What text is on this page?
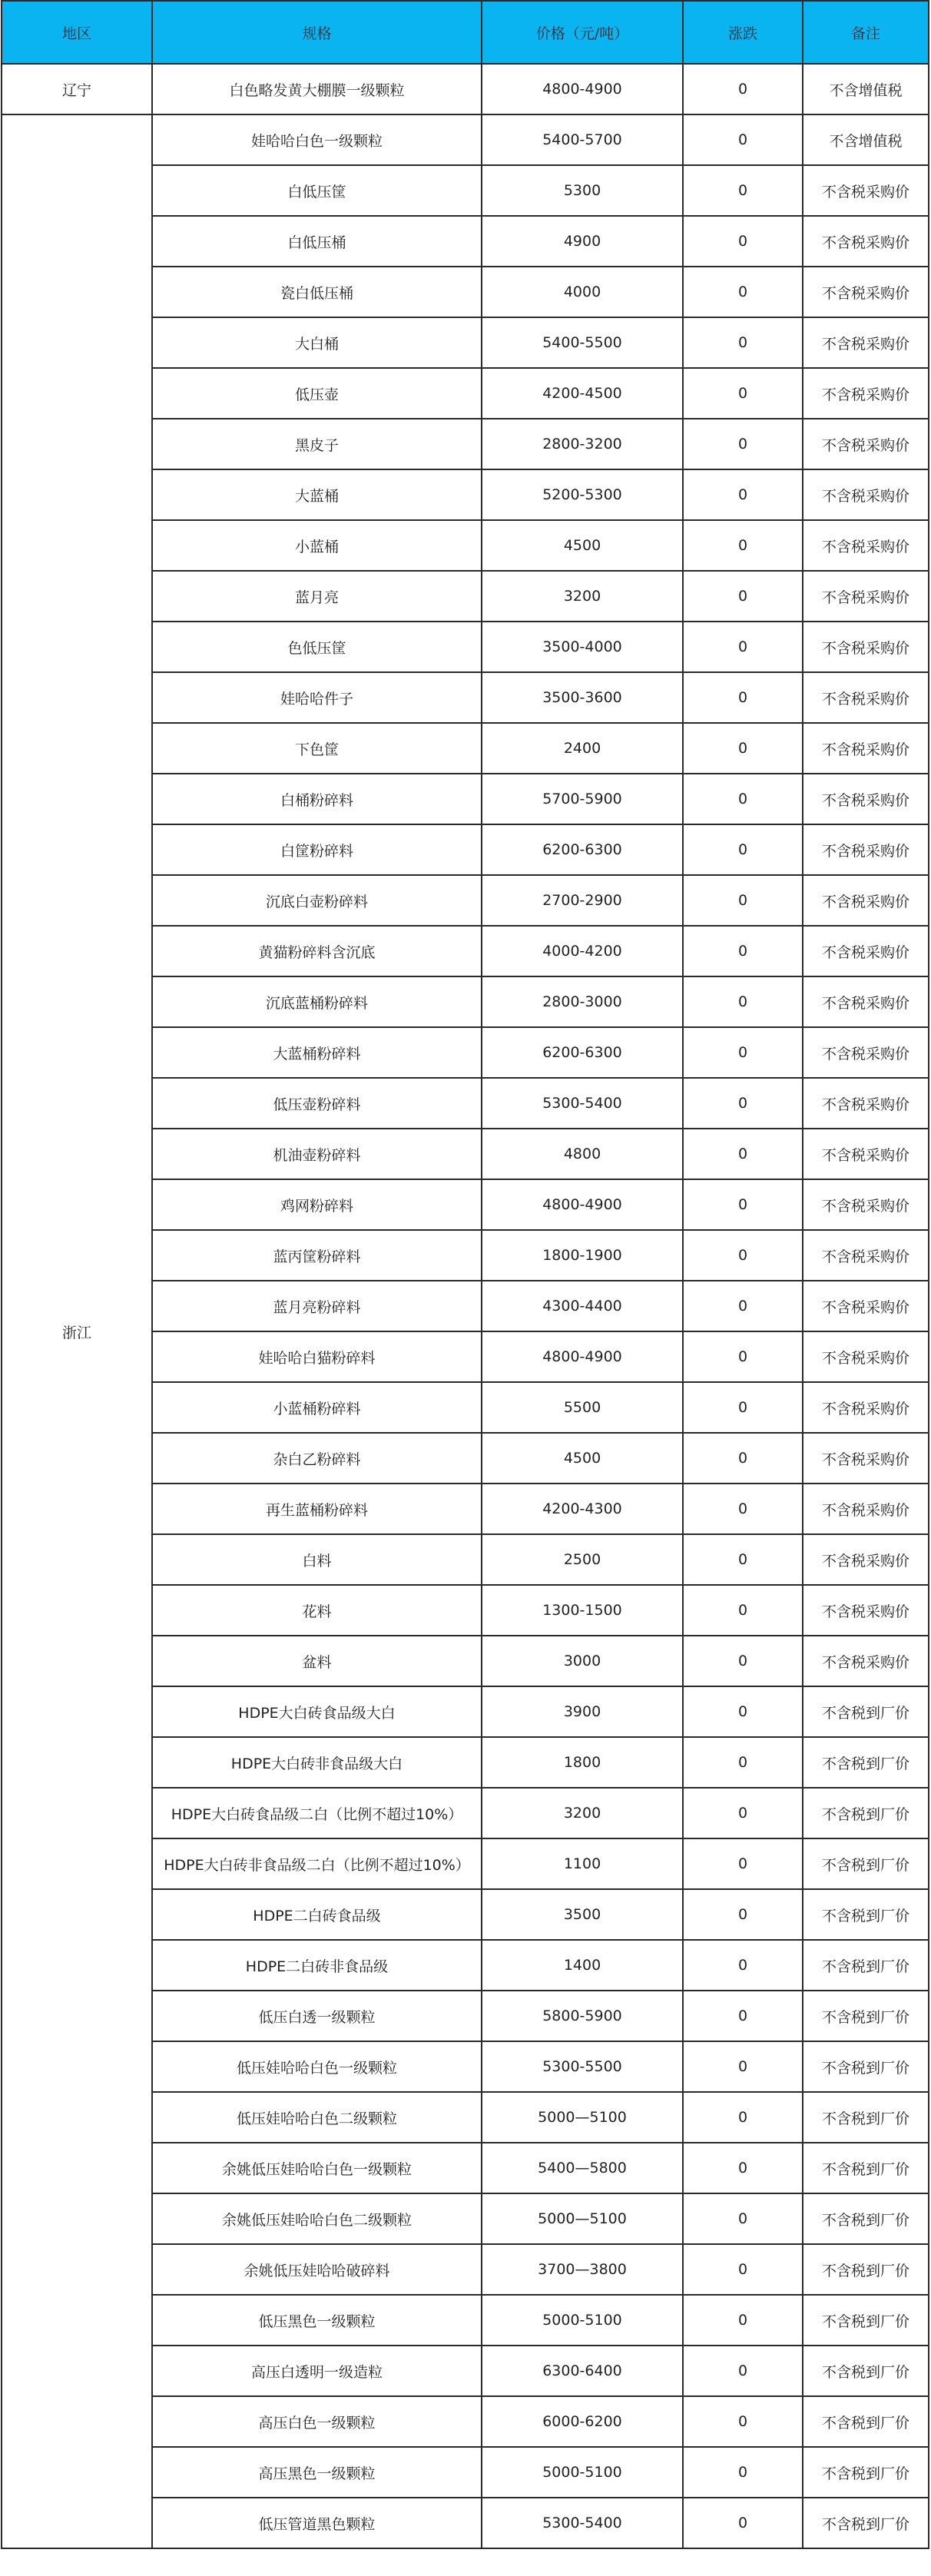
地区	规格	价格（元/吨）	涨跌	备注
辽宁	白色略发黄大棚膜一级颗粒	4800-4900	0	不含增值税
浙江	娃哈哈白色一级颗粒	5400-5700	0	不含增值税
	白低压筐	5300	0	不含税采购价
	白低压桶	4900	0	不含税采购价
	瓷白低压桶	4000	0	不含税采购价
	大白桶	5400-5500	0	不含税采购价
	低压壶	4200-4500	0	不含税采购价
	黑皮子	2800-3200	0	不含税采购价
	大蓝桶	5200-5300	0	不含税采购价
	小蓝桶	4500	0	不含税采购价
	蓝月亮	3200	0	不含税采购价
	色低压筐	3500-4000	0	不含税采购价
	娃哈哈件子	3500-3600	0	不含税采购价
	下色筐	2400	0	不含税采购价
	白桶粉碎料	5700-5900	0	不含税采购价
	白筐粉碎料	6200-6300	0	不含税采购价
	沉底白壶粉碎料	2700-2900	0	不含税采购价
	黄猫粉碎料含沉底	4000-4200	0	不含税采购价
	沉底蓝桶粉碎料	2800-3000	0	不含税采购价
	大蓝桶粉碎料	6200-6300	0	不含税采购价
	低压壶粉碎料	5300-5400	0	不含税采购价
	机油壶粉碎料	4800	0	不含税采购价
	鸡网粉碎料	4800-4900	0	不含税采购价
	蓝丙筐粉碎料	1800-1900	0	不含税采购价
	蓝月亮粉碎料	4300-4400	0	不含税采购价
	娃哈哈白猫粉碎料	4800-4900	0	不含税采购价
	小蓝桶粉碎料	5500	0	不含税采购价
	杂白乙粉碎料	4500	0	不含税采购价
	再生蓝桶粉碎料	4200-4300	0	不含税采购价
	白料	2500	0	不含税采购价
	花料	1300-1500	0	不含税采购价
	盆料	3000	0	不含税采购价
	HDPE大白砖食品级大白	3900	0	不含税到厂价
	HDPE大白砖非食品级大白	1800	0	不含税到厂价
	HDPE大白砖食品级二白（比例不超过10%）	3200	0	不含税到厂价
	HDPE大白砖非食品级二白（比例不超过10%）	1100	0	不含税到厂价
	HDPE二白砖食品级	3500	0	不含税到厂价
	HDPE二白砖非食品级	1400	0	不含税到厂价
	低压白透一级颗粒	5800-5900	0	不含税到厂价
	低压娃哈哈白色一级颗粒	5300-5500	0	不含税到厂价
	低压娃哈哈白色二级颗粒	5000—5100	0	不含税到厂价
	余姚低压娃哈哈白色一级颗粒	5400—5800	0	不含税到厂价
	余姚低压娃哈哈白色二级颗粒	5000—5100	0	不含税到厂价
	余姚低压娃哈哈破碎料	3700—3800	0	不含税到厂价
	低压黑色一级颗粒	5000-5100	0	不含税到厂价
	高压白透明一级造粒	6300-6400	0	不含税到厂价
	高压白色一级颗粒	6000-6200	0	不含税到厂价
	高压黑色一级颗粒	5000-5100	0	不含税到厂价
	低压管道黑色颗粒	5300-5400	0	不含税到厂价
